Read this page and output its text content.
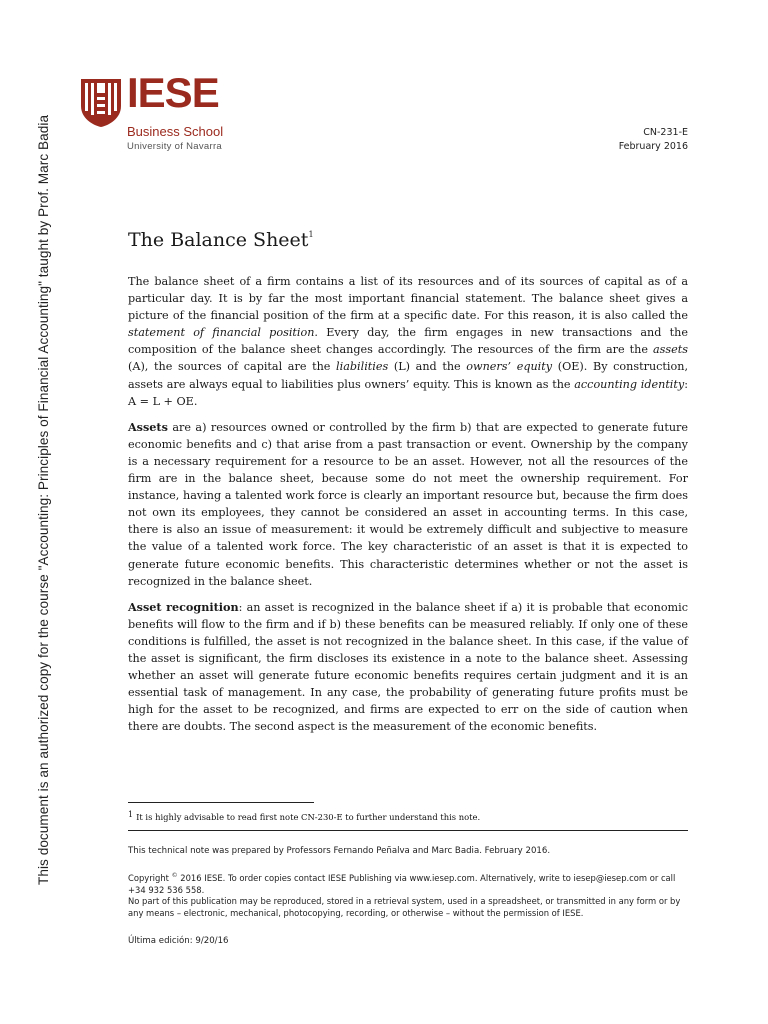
This document is an authorized copy for the course "Accounting: Principles of Financial Accounting" taught by Prof. Marc Badia
IESE
Business School
University of Navarra
CN-231-E
February 2016
The Balance Sheet$^1$

The balance sheet of a firm contains a list of its resources and of its sources of capital as of a particular day. It is by far the most important financial statement. The balance sheet gives a picture of the financial position of the firm at a specific date. For this reason, it is also called the statement of financial position. Every day, the firm engages in new transactions and the composition of the balance sheet changes accordingly. The resources of the firm are the assets (A), the sources of capital are the liabilities (L) and the owners’ equity (OE). By construction, assets are always equal to liabilities plus owners’ equity. This is known as the accounting identity: A = L + OE.

Assets are a) resources owned or controlled by the firm b) that are expected to generate future economic benefits and c) that arise from a past transaction or event. Ownership by the company is a necessary requirement for a resource to be an asset. However, not all the resources of the firm are in the balance sheet, because some do not meet the ownership requirement. For instance, having a talented work force is clearly an important resource but, because the firm does not own its employees, they cannot be considered an asset in accounting terms. In this case, there is also an issue of measurement: it would be extremely difficult and subjective to measure the value of a talented work force. The key characteristic of an asset is that it is expected to generate future economic benefits. This characteristic determines whether or not the asset is recognized in the balance sheet.

Asset recognition: an asset is recognized in the balance sheet if a) it is probable that economic benefits will flow to the firm and if b) these benefits can be measured reliably. If only one of these conditions is fulfilled, the asset is not recognized in the balance sheet. In this case, if the value of the asset is significant, the firm discloses its existence in a note to the balance sheet. Assessing whether an asset will generate future economic benefits requires certain judgment and it is an essential task of management. In any case, the probability of generating future profits must be high for the asset to be recognized, and firms are expected to err on the side of caution when there are doubts. The second aspect is the measurement of the economic benefits.

$^1$ It is highly advisable to read first note CN-230-E to further understand this note.
This technical note was prepared by Professors Fernando Peñalva and Marc Badia. February 2016.
Copyright © 2016 IESE. To order copies contact IESE Publishing via www.iesep.com. Alternatively, write to iesep@iesep.com or call +34 932 536 558.
No part of this publication may be reproduced, stored in a retrieval system, used in a spreadsheet, or transmitted in any form or by any means – electronic, mechanical, photocopying, recording, or otherwise – without the permission of IESE.
Última edición: 9/20/16
